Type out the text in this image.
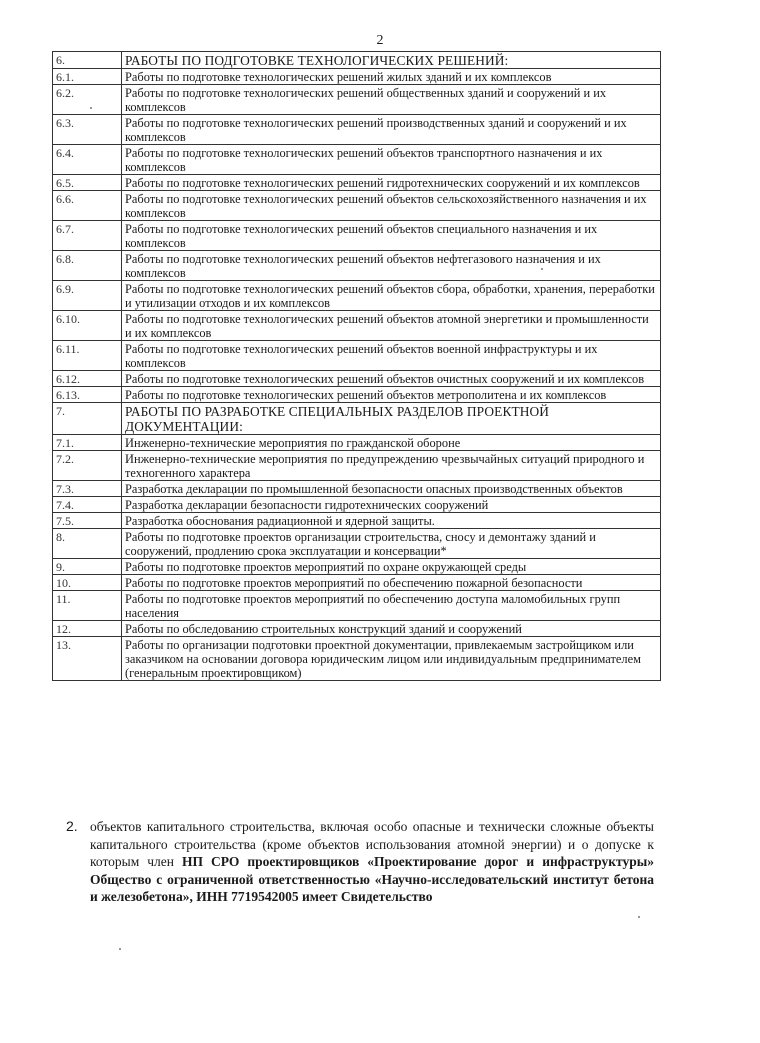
2
6.	РАБОТЫ ПО ПОДГОТОВКЕ ТЕХНОЛОГИЧЕСКИХ РЕШЕНИЙ:
6.1.	Работы по подготовке технологических решений жилых зданий и их комплексов
6.2.	Работы по подготовке технологических решений общественных зданий и сооружений и их комплексов
6.3.	Работы по подготовке технологических решений производственных зданий и сооружений и их комплексов
6.4.	Работы по подготовке технологических решений объектов транспортного назначения и их комплексов
6.5.	Работы по подготовке технологических решений гидротехнических сооружений и их комплексов
6.6.	Работы по подготовке технологических решений объектов сельскохозяйственного назначения и их комплексов
6.7.	Работы по подготовке технологических решений объектов специального назначения и их комплексов
6.8.	Работы по подготовке технологических решений объектов нефтегазового назначения и их комплексов
6.9.	Работы по подготовке технологических решений объектов сбора, обработки, хранения, переработки и утилизации отходов и их комплексов
6.10.	Работы по подготовке технологических решений объектов атомной энергетики и промышленности и их комплексов
6.11.	Работы по подготовке технологических решений объектов военной инфраструктуры и их комплексов
6.12.	Работы по подготовке технологических решений объектов очистных сооружений и их комплексов
6.13.	Работы по подготовке технологических решений объектов метрополитена и их комплексов
7.	РАБОТЫ ПО РАЗРАБОТКЕ СПЕЦИАЛЬНЫХ РАЗДЕЛОВ ПРОЕКТНОЙ ДОКУМЕНТАЦИИ:
7.1.	Инженерно-технические мероприятия по гражданской обороне
7.2.	Инженерно-технические мероприятия по предупреждению чрезвычайных ситуаций природного и техногенного характера
7.3.	Разработка декларации по промышленной безопасности опасных производственных объектов
7.4.	Разработка декларации безопасности гидротехнических сооружений
7.5.	Разработка обоснования радиационной и ядерной защиты.
8.	Работы по подготовке проектов организации строительства, сносу и демонтажу зданий и сооружений, продлению срока эксплуатации и консервации*
9.	Работы по подготовке проектов мероприятий по охране окружающей среды
10.	Работы по подготовке проектов мероприятий по обеспечению пожарной безопасности
11.	Работы по подготовке проектов мероприятий по обеспечению доступа маломобильных групп населения
12.	Работы по обследованию строительных конструкций зданий и сооружений
13.	Работы по организации подготовки проектной документации, привлекаемым застройщиком или заказчиком на основании договора юридическим лицом или индивидуальным предпринимателем (генеральным проектировщиком)
2. объектов капитального строительства, включая особо опасные и технически сложные объекты капитального строительства (кроме объектов использования атомной энергии) и о допуске к которым член НП СРО проектировщиков «Проектирование дорог и инфраструктуры» Общество с ограниченной ответственностью «Научно-исследовательский институт бетона и железобетона», ИНН 7719542005 имеет Свидетельство
